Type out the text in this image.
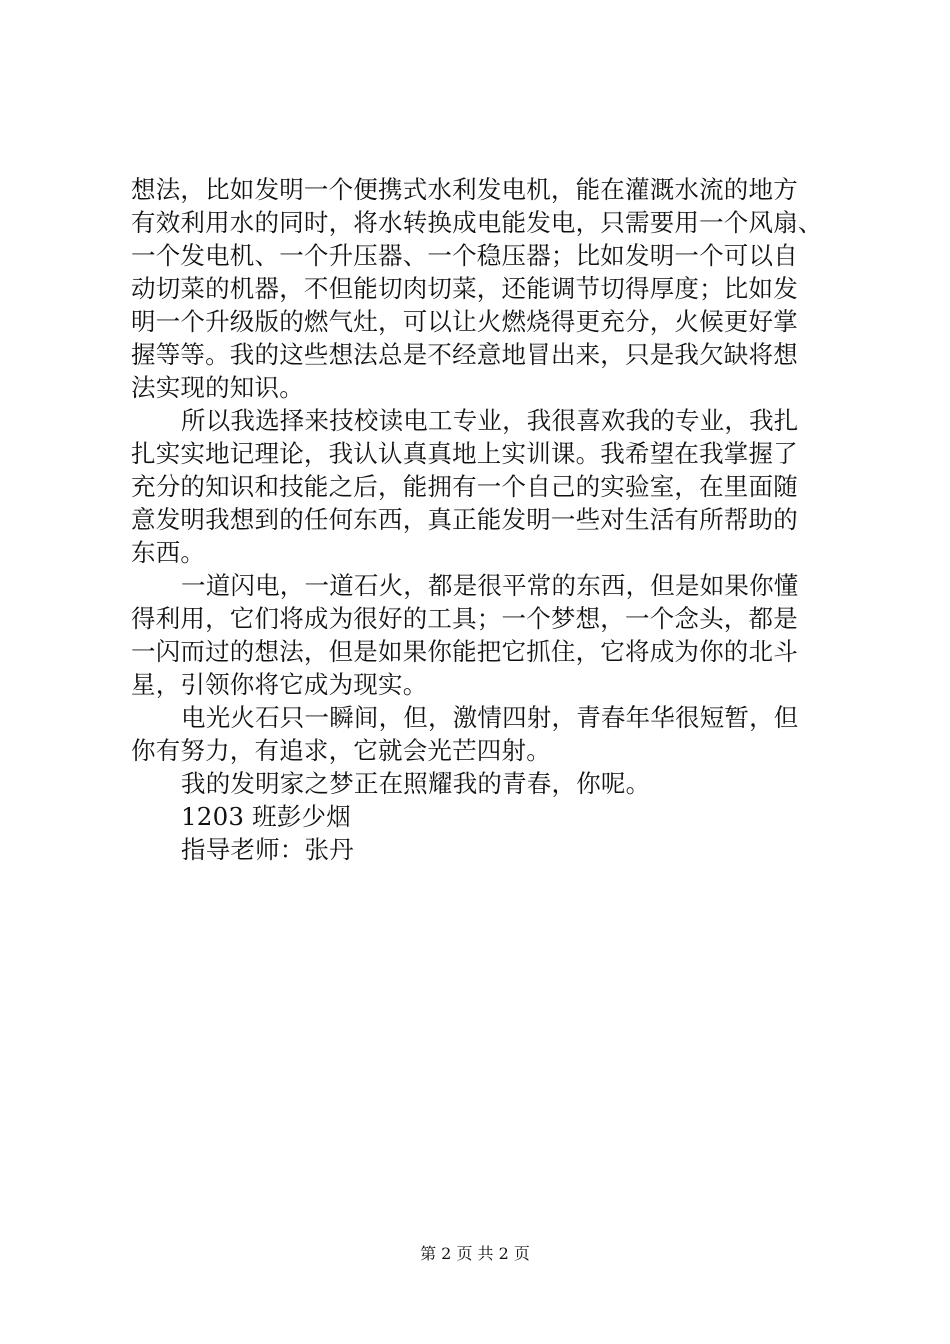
想法，比如发明一个便携式水利发电机，能在灌溉水流的地方
有效利用水的同时，将水转换成电能发电，只需要用一个风扇、
一个发电机、一个升压器、一个稳压器；比如发明一个可以自
动切菜的机器，不但能切肉切菜，还能调节切得厚度；比如发
明一个升级版的燃气灶，可以让火燃烧得更充分，火候更好掌
握等等。我的这些想法总是不经意地冒出来，只是我欠缺将想
法实现的知识。
所以我选择来技校读电工专业，我很喜欢我的专业，我扎
扎实实地记理论，我认认真真地上实训课。我希望在我掌握了
充分的知识和技能之后，能拥有一个自己的实验室，在里面随
意发明我想到的任何东西，真正能发明一些对生活有所帮助的
东西。
一道闪电，一道石火，都是很平常的东西，但是如果你懂
得利用，它们将成为很好的工具；一个梦想，一个念头，都是
一闪而过的想法，但是如果你能把它抓住，它将成为你的北斗
星，引领你将它成为现实。
电光火石只一瞬间，但，激情四射，青春年华很短暂，但
你有努力，有追求，它就会光芒四射。
我的发明家之梦正在照耀我的青春，你呢。
1203 班彭少烟
指导老师：张丹
第 2 页 共 2 页
